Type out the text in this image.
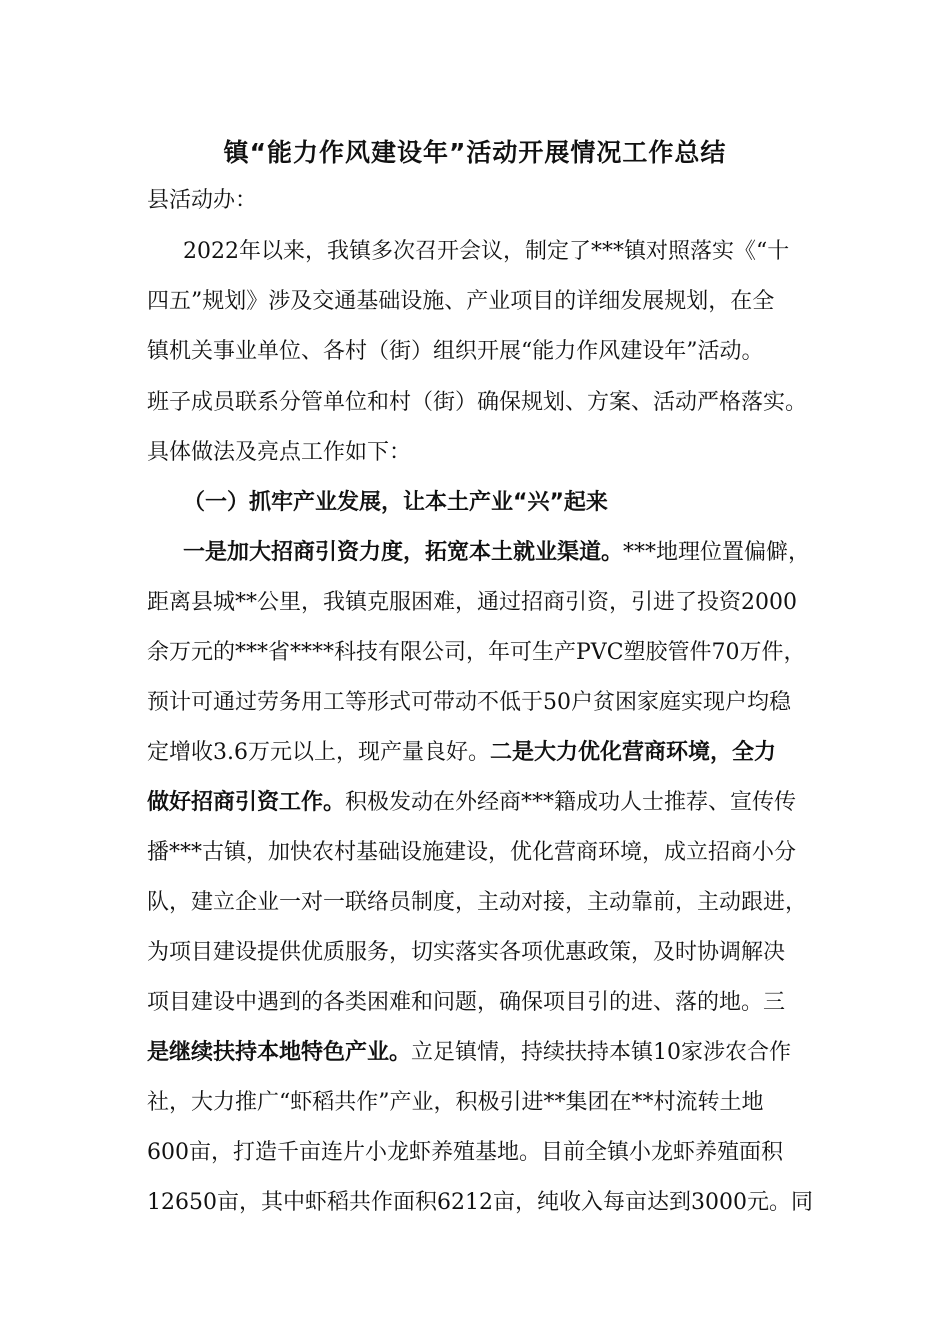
镇“能力作风建设年”活动开展情况工作总结
县活动办：
2022年以来，我镇多次召开会议，制定了***镇对照落实《“十
四五”规划》涉及交通基础设施、产业项目的详细发展规划，在全
镇机关事业单位、各村（街）组织开展“能力作风建设年”活动。
班子成员联系分管单位和村（街）确保规划、方案、活动严格落实。
具体做法及亮点工作如下：
（一）抓牢产业发展，让本土产业“兴”起来
一是加大招商引资力度，拓宽本土就业渠道。***地理位置偏僻，
距离县城**公里，我镇克服困难，通过招商引资，引进了投资2000
余万元的***省****科技有限公司，年可生产PVC塑胶管件70万件，
预计可通过劳务用工等形式可带动不低于50户贫困家庭实现户均稳
定增收3.6万元以上，现产量良好。二是大力优化营商环境，全力
做好招商引资工作。积极发动在外经商***籍成功人士推荐、宣传传
播***古镇，加快农村基础设施建设，优化营商环境，成立招商小分
队，建立企业一对一联络员制度，主动对接，主动靠前，主动跟进，
为项目建设提供优质服务，切实落实各项优惠政策，及时协调解决
项目建设中遇到的各类困难和问题，确保项目引的进、落的地。三
是继续扶持本地特色产业。立足镇情，持续扶持本镇10家涉农合作
社，大力推广“虾稻共作”产业，积极引进**集团在**村流转土地
600亩，打造千亩连片小龙虾养殖基地。目前全镇小龙虾养殖面积
12650亩，其中虾稻共作面积6212亩，纯收入每亩达到3000元。同
